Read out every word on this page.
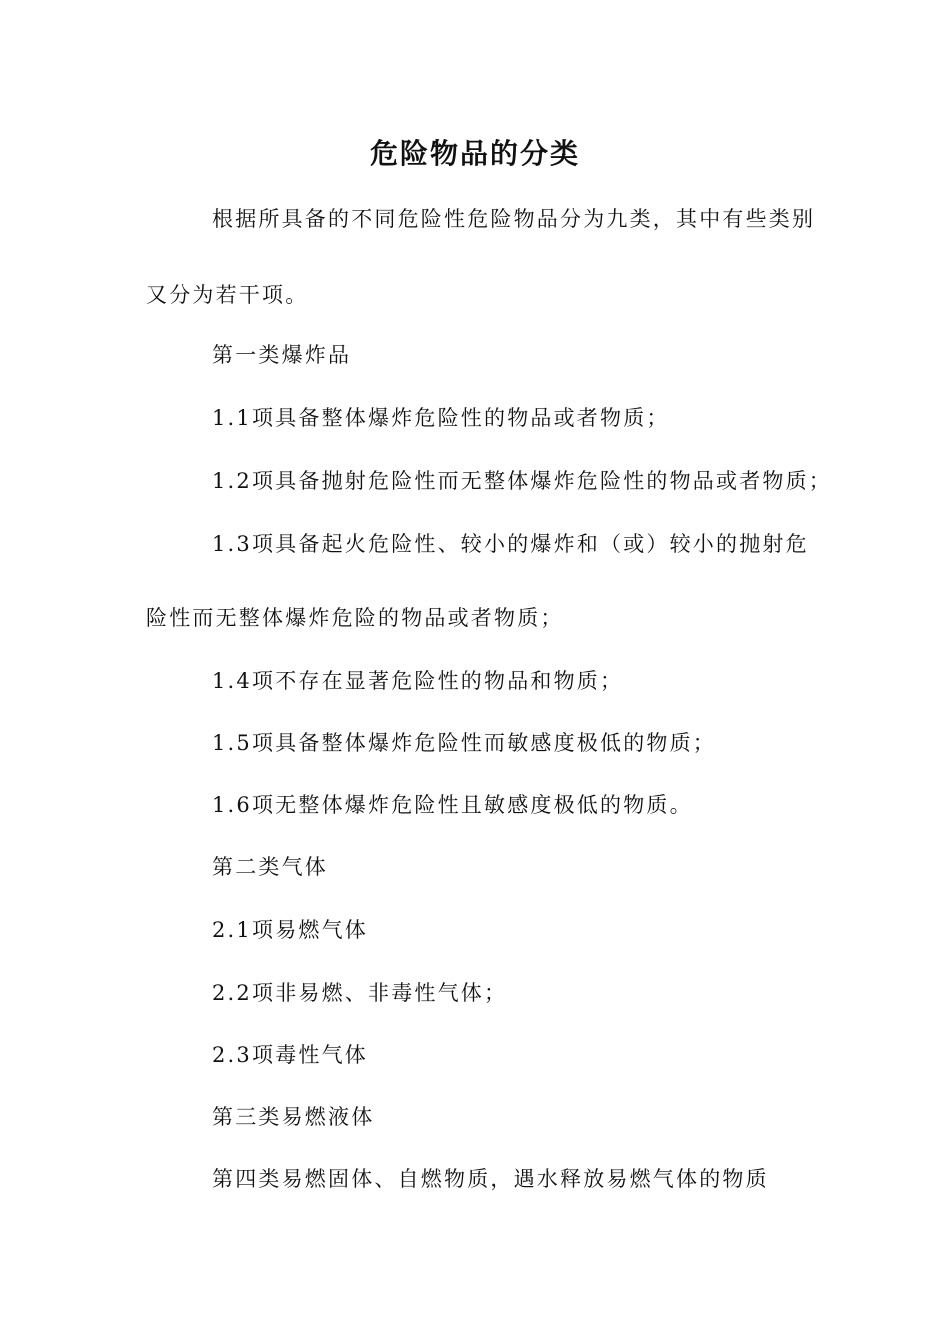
危险物品的分类
根据所具备的不同危险性危险物品分为九类，其中有些类别
又分为若干项。
第一类爆炸品
1.1项具备整体爆炸危险性的物品或者物质；
1.2项具备抛射危险性而无整体爆炸危险性的物品或者物质；
1.3项具备起火危险性、较小的爆炸和（或）较小的抛射危
险性而无整体爆炸危险的物品或者物质；
1.4项不存在显著危险性的物品和物质；
1.5项具备整体爆炸危险性而敏感度极低的物质；
1.6项无整体爆炸危险性且敏感度极低的物质。
第二类气体
2.1项易燃气体
2.2项非易燃、非毒性气体；
2.3项毒性气体
第三类易燃液体
第四类易燃固体、自燃物质，遇水释放易燃气体的物质
